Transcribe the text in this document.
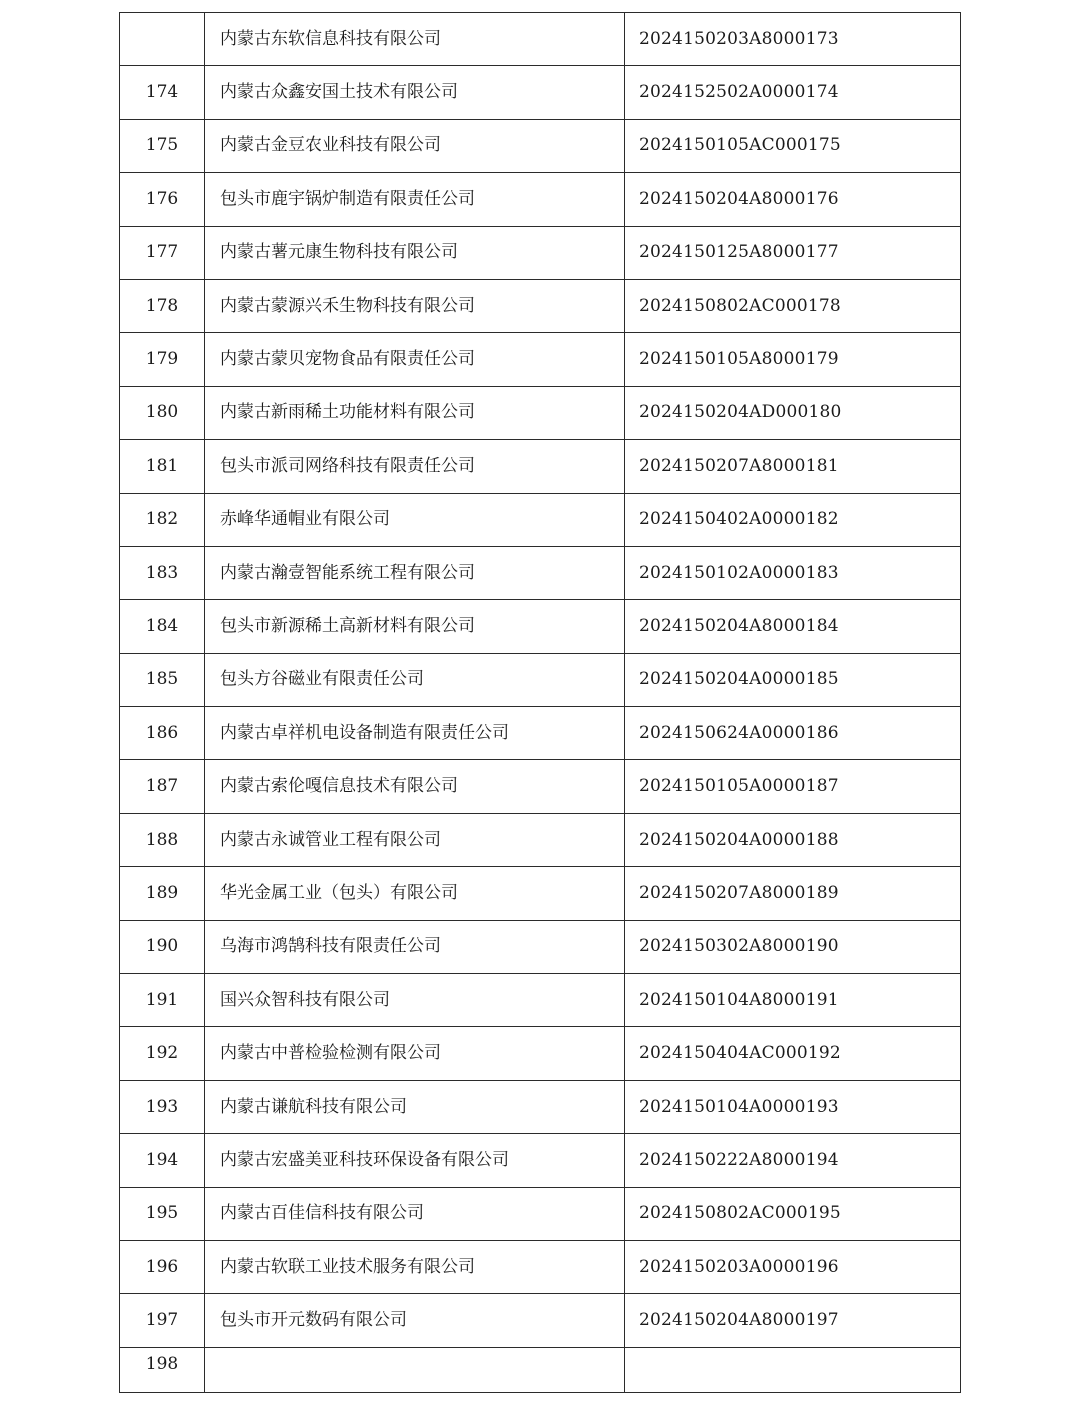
	内蒙古东软信息科技有限公司	2024150203A8000173
174	内蒙古众鑫安国土技术有限公司	2024152502A0000174
175	内蒙古金豆农业科技有限公司	2024150105AC000175
176	包头市鹿宇锅炉制造有限责任公司	2024150204A8000176
177	内蒙古薯元康生物科技有限公司	2024150125A8000177
178	内蒙古蒙源兴禾生物科技有限公司	2024150802AC000178
179	内蒙古蒙贝宠物食品有限责任公司	2024150105A8000179
180	内蒙古新雨稀土功能材料有限公司	2024150204AD000180
181	包头市派司网络科技有限责任公司	2024150207A8000181
182	赤峰华通帽业有限公司	2024150402A0000182
183	内蒙古瀚壹智能系统工程有限公司	2024150102A0000183
184	包头市新源稀土高新材料有限公司	2024150204A8000184
185	包头方谷磁业有限责任公司	2024150204A0000185
186	内蒙古卓祥机电设备制造有限责任公司	2024150624A0000186
187	内蒙古索伦嘎信息技术有限公司	2024150105A0000187
188	内蒙古永诚管业工程有限公司	2024150204A0000188
189	华光金属工业（包头）有限公司	2024150207A8000189
190	乌海市鸿鹄科技有限责任公司	2024150302A8000190
191	国兴众智科技有限公司	2024150104A8000191
192	内蒙古中普检验检测有限公司	2024150404AC000192
193	内蒙古谦航科技有限公司	2024150104A0000193
194	内蒙古宏盛美亚科技环保设备有限公司	2024150222A8000194
195	内蒙古百佳信科技有限公司	2024150802AC000195
196	内蒙古软联工业技术服务有限公司	2024150203A0000196
197	包头市开元数码有限公司	2024150204A8000197
198		
